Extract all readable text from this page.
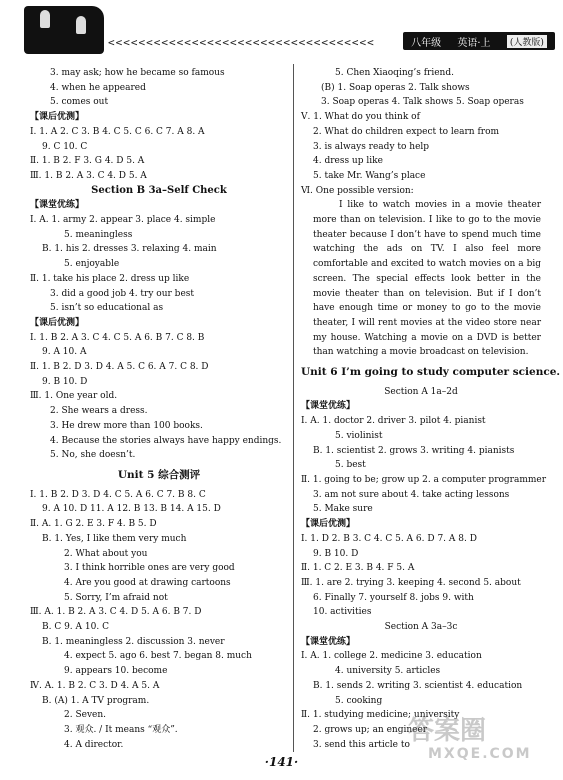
<<<<<<<<<<<<<<<<<<<<<<<<<<<<<<<<<<<	八年级 英语·上	(人教版)
3. may ask; how he became so famous
4. when he appeared
5. comes out
【课后优测】
Ⅰ. 1. A 2. C 3. B 4. C 5. C 6. C 7. A 8. A
9. C 10. C
Ⅱ. 1. B 2. F 3. G 4. D 5. A
Ⅲ. 1. B 2. A 3. C 4. D 5. A
Section B 3a–Self Check
【课堂优练】
Ⅰ. A. 1. army 2. appear 3. place 4. simple
5. meaningless
B. 1. his 2. dresses 3. relaxing 4. main
5. enjoyable
Ⅱ. 1. take his place 2. dress up like
3. did a good job 4. try our best
5. isn’t so educational as
【课后优测】
Ⅰ. 1. B 2. A 3. C 4. C 5. A 6. B 7. C 8. B
9. A 10. A
Ⅱ. 1. B 2. D 3. D 4. A 5. C 6. A 7. C 8. D
9. B 10. D
Ⅲ. 1. One year old.
2. She wears a dress.
3. He drew more than 100 books.
4. Because the stories always have happy endings.
5. No, she doesn’t.
Unit 5 综合测评
Ⅰ. 1. B 2. D 3. D 4. C 5. A 6. C 7. B 8. C
9. A 10. D 11. A 12. B 13. B 14. A 15. D
Ⅱ. A. 1. G 2. E 3. F 4. B 5. D
B. 1. Yes, I like them very much
2. What about you
3. I think horrible ones are very good
4. Are you good at drawing cartoons
5. Sorry, I’m afraid not
Ⅲ. A. 1. B 2. A 3. C 4. D 5. A 6. B 7. D
B. C 9. A 10. C
B. 1. meaningless 2. discussion 3. never
4. expect 5. ago 6. best 7. began 8. much
9. appears 10. become
Ⅳ. A. 1. B 2. C 3. D 4. A 5. A
B. (A) 1. A TV program.
2. Seven.
3. 观众. / It means “观众”.
4. A director.
5. Chen Xiaoqing’s friend.
(B) 1. Soap operas 2. Talk shows
3. Soap operas 4. Talk shows 5. Soap operas
Ⅴ. 1. What do you think of
2. What do children expect to learn from
3. is always ready to help
4. dress up like
5. take Mr. Wang’s place
Ⅵ. One possible version:
I like to watch movies in a movie theater more than on television. I like to go to the movie theater because I don’t have to spend much time watching the ads on TV. I also feel more comfortable and excited to watch movies on a big screen. The special effects look better in the movie theater than on television. But if I don’t have enough time or money to go to the movie theater, I will rent movies at the video store near my house. Watching a movie on a DVD is better than watching a movie broadcast on television.
Unit 6 I’m going to study computer science.
Section A 1a–2d
【课堂优练】
Ⅰ. A. 1. doctor 2. driver 3. pilot 4. pianist
5. violinist
B. 1. scientist 2. grows 3. writing 4. pianists
5. best
Ⅱ. 1. going to be; grow up 2. a computer programmer
3. am not sure about 4. take acting lessons
5. Make sure
【课后优测】
Ⅰ. 1. D 2. B 3. C 4. C 5. A 6. D 7. A 8. D
9. B 10. D
Ⅱ. 1. C 2. E 3. B 4. F 5. A
Ⅲ. 1. are 2. trying 3. keeping 4. second 5. about
6. Finally 7. yourself 8. jobs 9. with
10. activities
Section A 3a–3c
【课堂优练】
Ⅰ. A. 1. college 2. medicine 3. education
4. university 5. articles
B. 1. sends 2. writing 3. scientist 4. education
5. cooking
Ⅱ. 1. studying medicine; university
2. grows up; an engineer
3. send this article to
·141·
答案圈
MXQE.COM
